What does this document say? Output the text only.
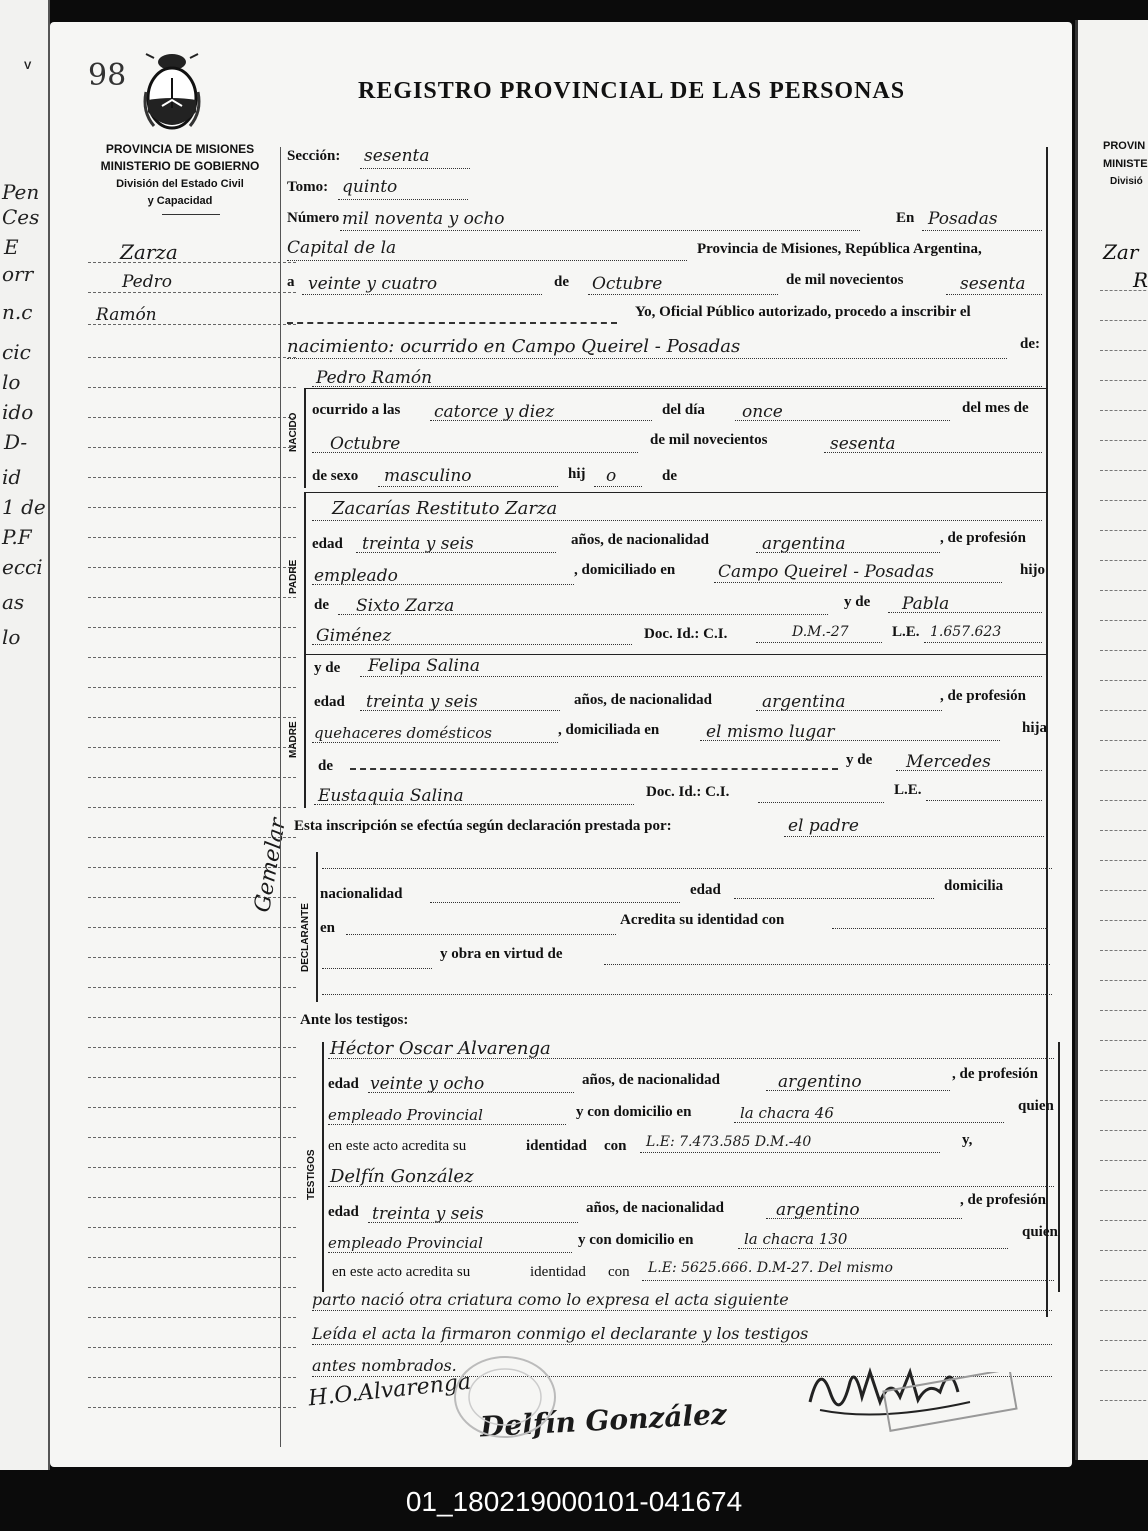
V
Pen
Ces
E
orr
n.c
cic
lo
ido
D-
id
1 de
P.F
ecci
as
lo
PROVIN
MINISTE
Divisió
Zar
R
98	REGISTRO PROVINCIAL DE LAS PERSONAS
PROVINCIA DE MISIONES
MINISTERIO DE GOBIERNO
División del Estado Civil
y Capacidad
Zarza
Pedro
Ramón
Gemelar
Sección: sesenta
Tomo: quinto
Número mil noventa y ocho	En Posadas
Capital de la	Provincia de Misiones, República Argentina,
a veinte y cuatro	de Octubre	de mil novecientos	sesenta
Yo, Oficial Público autorizado, procedo a inscribir el
nacimiento: ocurrido en Campo Queirel - Posadas	de:
NACIDO
Pedro Ramón
ocurrido a las catorce y diez	del día once	del mes de
Octubre	de mil novecientos	sesenta
de sexo masculino	hij o	de
PADRE
Zacarías Restituto Zarza
edad treinta y seis	años, de nacionalidad	argentina	, de profesión
empleado	, domiciliado en	Campo Queirel - Posadas	hijo
de Sixto Zarza	y de Pabla
Giménez	Doc. Id.: C.I.	D.M.-27	L.E. 1.657.623
MADRE
y de Felipa Salina
edad treinta y seis	años, de nacionalidad	argentina	, de profesión
quehaceres domésticos	, domiciliada en	el mismo lugar	hija
de	y de Mercedes
Eustaquia Salina	Doc. Id.: C.I.	L.E.
Esta inscripción se efectúa según declaración prestada por:	el padre
DECLARANTE
nacionalidad	edad	domicilia
en	Acredita su identidad con
y obra en virtud de
Ante los testigos:
TESTIGOS
Héctor Oscar Alvarenga
edad veinte y ocho	años, de nacionalidad	argentino	, de profesión
empleado Provincial	y con domicilio en	la chacra 46	quien
en este acto acredita su	identidad con L.E: 7.473.585 D.M.-40	y,
Delfín González
edad treinta y seis	años, de nacionalidad	argentino	, de profesión
empleado Provincial	y con domicilio en	la chacra 130	quien
en este acto acredita su	identidad con L.E: 5625.666. D.M-27. Del mismo
parto nació otra criatura como lo expresa el acta siguiente
Leída el acta la firmaron conmigo el declarante y los testigos
antes nombrados.
H.O.Alvarenga
Delfín González
01_180219000101-041674
